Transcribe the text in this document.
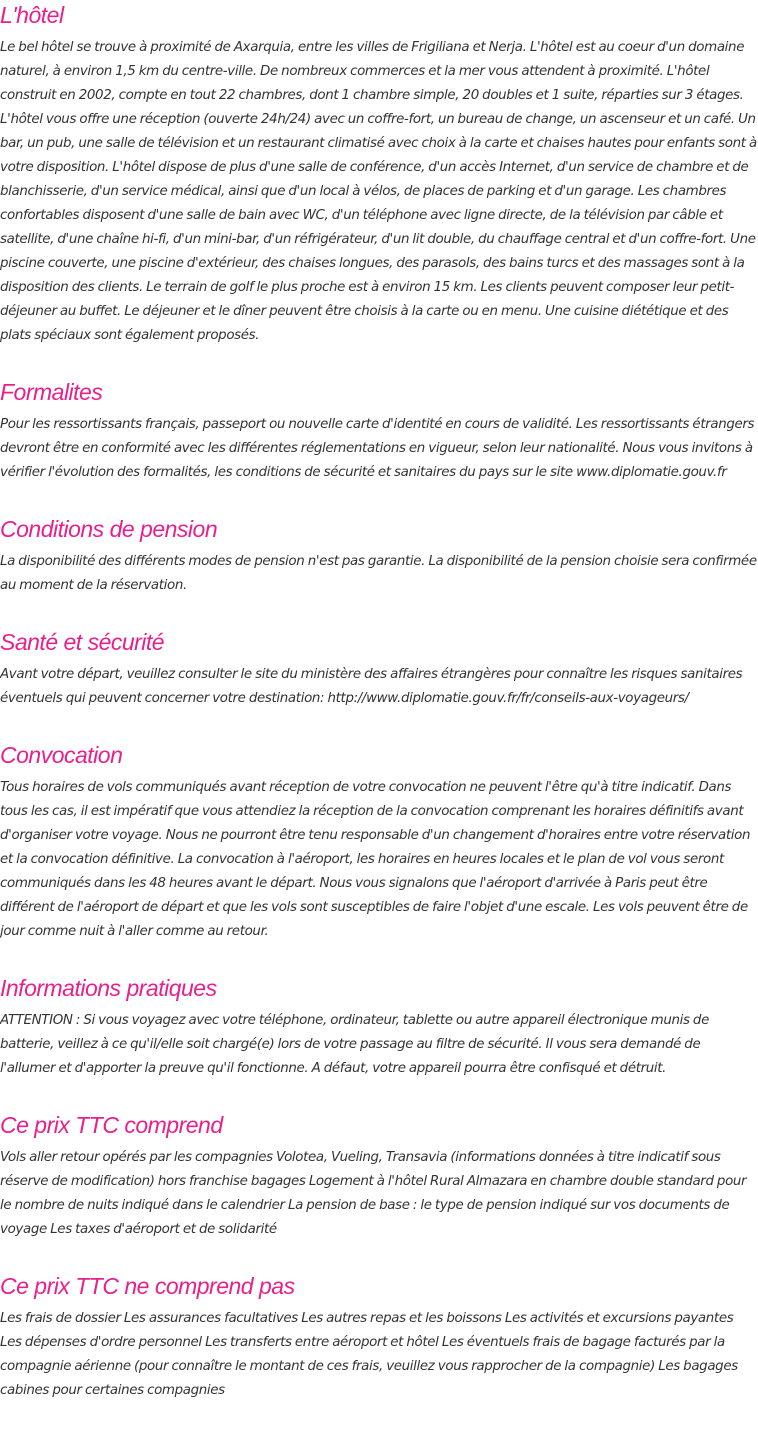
L'hôtel

Le bel hôtel se trouve à proximité de Axarquia, entre les villes de Frigiliana et Nerja. L'hôtel est au coeur d'un domaine naturel, à environ 1,5 km du centre-ville. De nombreux commerces et la mer vous attendent à proximité. L'hôtel construit en 2002, compte en tout 22 chambres, dont 1 chambre simple, 20 doubles et 1 suite, réparties sur 3 étages. L'hôtel vous offre une réception (ouverte 24h/24) avec un coffre-fort, un bureau de change, un ascenseur et un café. Un bar, un pub, une salle de télévision et un restaurant climatisé avec choix à la carte et chaises hautes pour enfants sont à votre disposition. L'hôtel dispose de plus d'une salle de conférence, d'un accès Internet, d'un service de chambre et de blanchisserie, d'un service médical, ainsi que d'un local à vélos, de places de parking et d'un garage. Les chambres confortables disposent d'une salle de bain avec WC, d'un téléphone avec ligne directe, de la télévision par câble et satellite, d'une chaîne hi-fi, d'un mini-bar, d'un réfrigérateur, d'un lit double, du chauffage central et d'un coffre-fort. Une piscine couverte, une piscine d'extérieur, des chaises longues, des parasols, des bains turcs et des massages sont à la disposition des clients. Le terrain de golf le plus proche est à environ 15 km. Les clients peuvent composer leur petit-déjeuner au buffet. Le déjeuner et le dîner peuvent être choisis à la carte ou en menu. Une cuisine diététique et des plats spéciaux sont également proposés.

Formalites

Pour les ressortissants français, passeport ou nouvelle carte d'identité en cours de validité. Les ressortissants étrangers devront être en conformité avec les différentes réglementations en vigueur, selon leur nationalité. Nous vous invitons à vérifier l'évolution des formalités, les conditions de sécurité et sanitaires du pays sur le site www.diplomatie.gouv.fr

Conditions de pension

La disponibilité des différents modes de pension n'est pas garantie. La disponibilité de la pension choisie sera confirmée au moment de la réservation.

Santé et sécurité

Avant votre départ, veuillez consulter le site du ministère des affaires étrangères pour connaître les risques sanitaires éventuels qui peuvent concerner votre destination: http://www.diplomatie.gouv.fr/fr/conseils-aux-voyageurs/

Convocation

Tous horaires de vols communiqués avant réception de votre convocation ne peuvent l'être qu'à titre indicatif. Dans tous les cas, il est impératif que vous attendiez la réception de la convocation comprenant les horaires définitifs avant d'organiser votre voyage. Nous ne pourront être tenu responsable d'un changement d'horaires entre votre réservation et la convocation définitive. La convocation à l'aéroport, les horaires en heures locales et le plan de vol vous seront communiqués dans les 48 heures avant le départ. Nous vous signalons que l'aéroport d'arrivée à Paris peut être différent de l'aéroport de départ et que les vols sont susceptibles de faire l'objet d'une escale. Les vols peuvent être de jour comme nuit à l'aller comme au retour.

Informations pratiques

ATTENTION : Si vous voyagez avec votre téléphone, ordinateur, tablette ou autre appareil électronique munis de batterie, veillez à ce qu'il/elle soit chargé(e) lors de votre passage au filtre de sécurité. Il vous sera demandé de l'allumer et d'apporter la preuve qu'il fonctionne. A défaut, votre appareil pourra être confisqué et détruit.

Ce prix TTC comprend

Vols aller retour opérés par les compagnies Volotea, Vueling, Transavia (informations données à titre indicatif sous réserve de modification) hors franchise bagages Logement à l'hôtel Rural Almazara en chambre double standard pour le nombre de nuits indiqué dans le calendrier La pension de base : le type de pension indiqué sur vos documents de voyage Les taxes d'aéroport et de solidarité

Ce prix TTC ne comprend pas

Les frais de dossier Les assurances facultatives Les autres repas et les boissons Les activités et excursions payantes Les dépenses d'ordre personnel Les transferts entre aéroport et hôtel Les éventuels frais de bagage facturés par la compagnie aérienne (pour connaître le montant de ces frais, veuillez vous rapprocher de la compagnie) Les bagages cabines pour certaines compagnies
